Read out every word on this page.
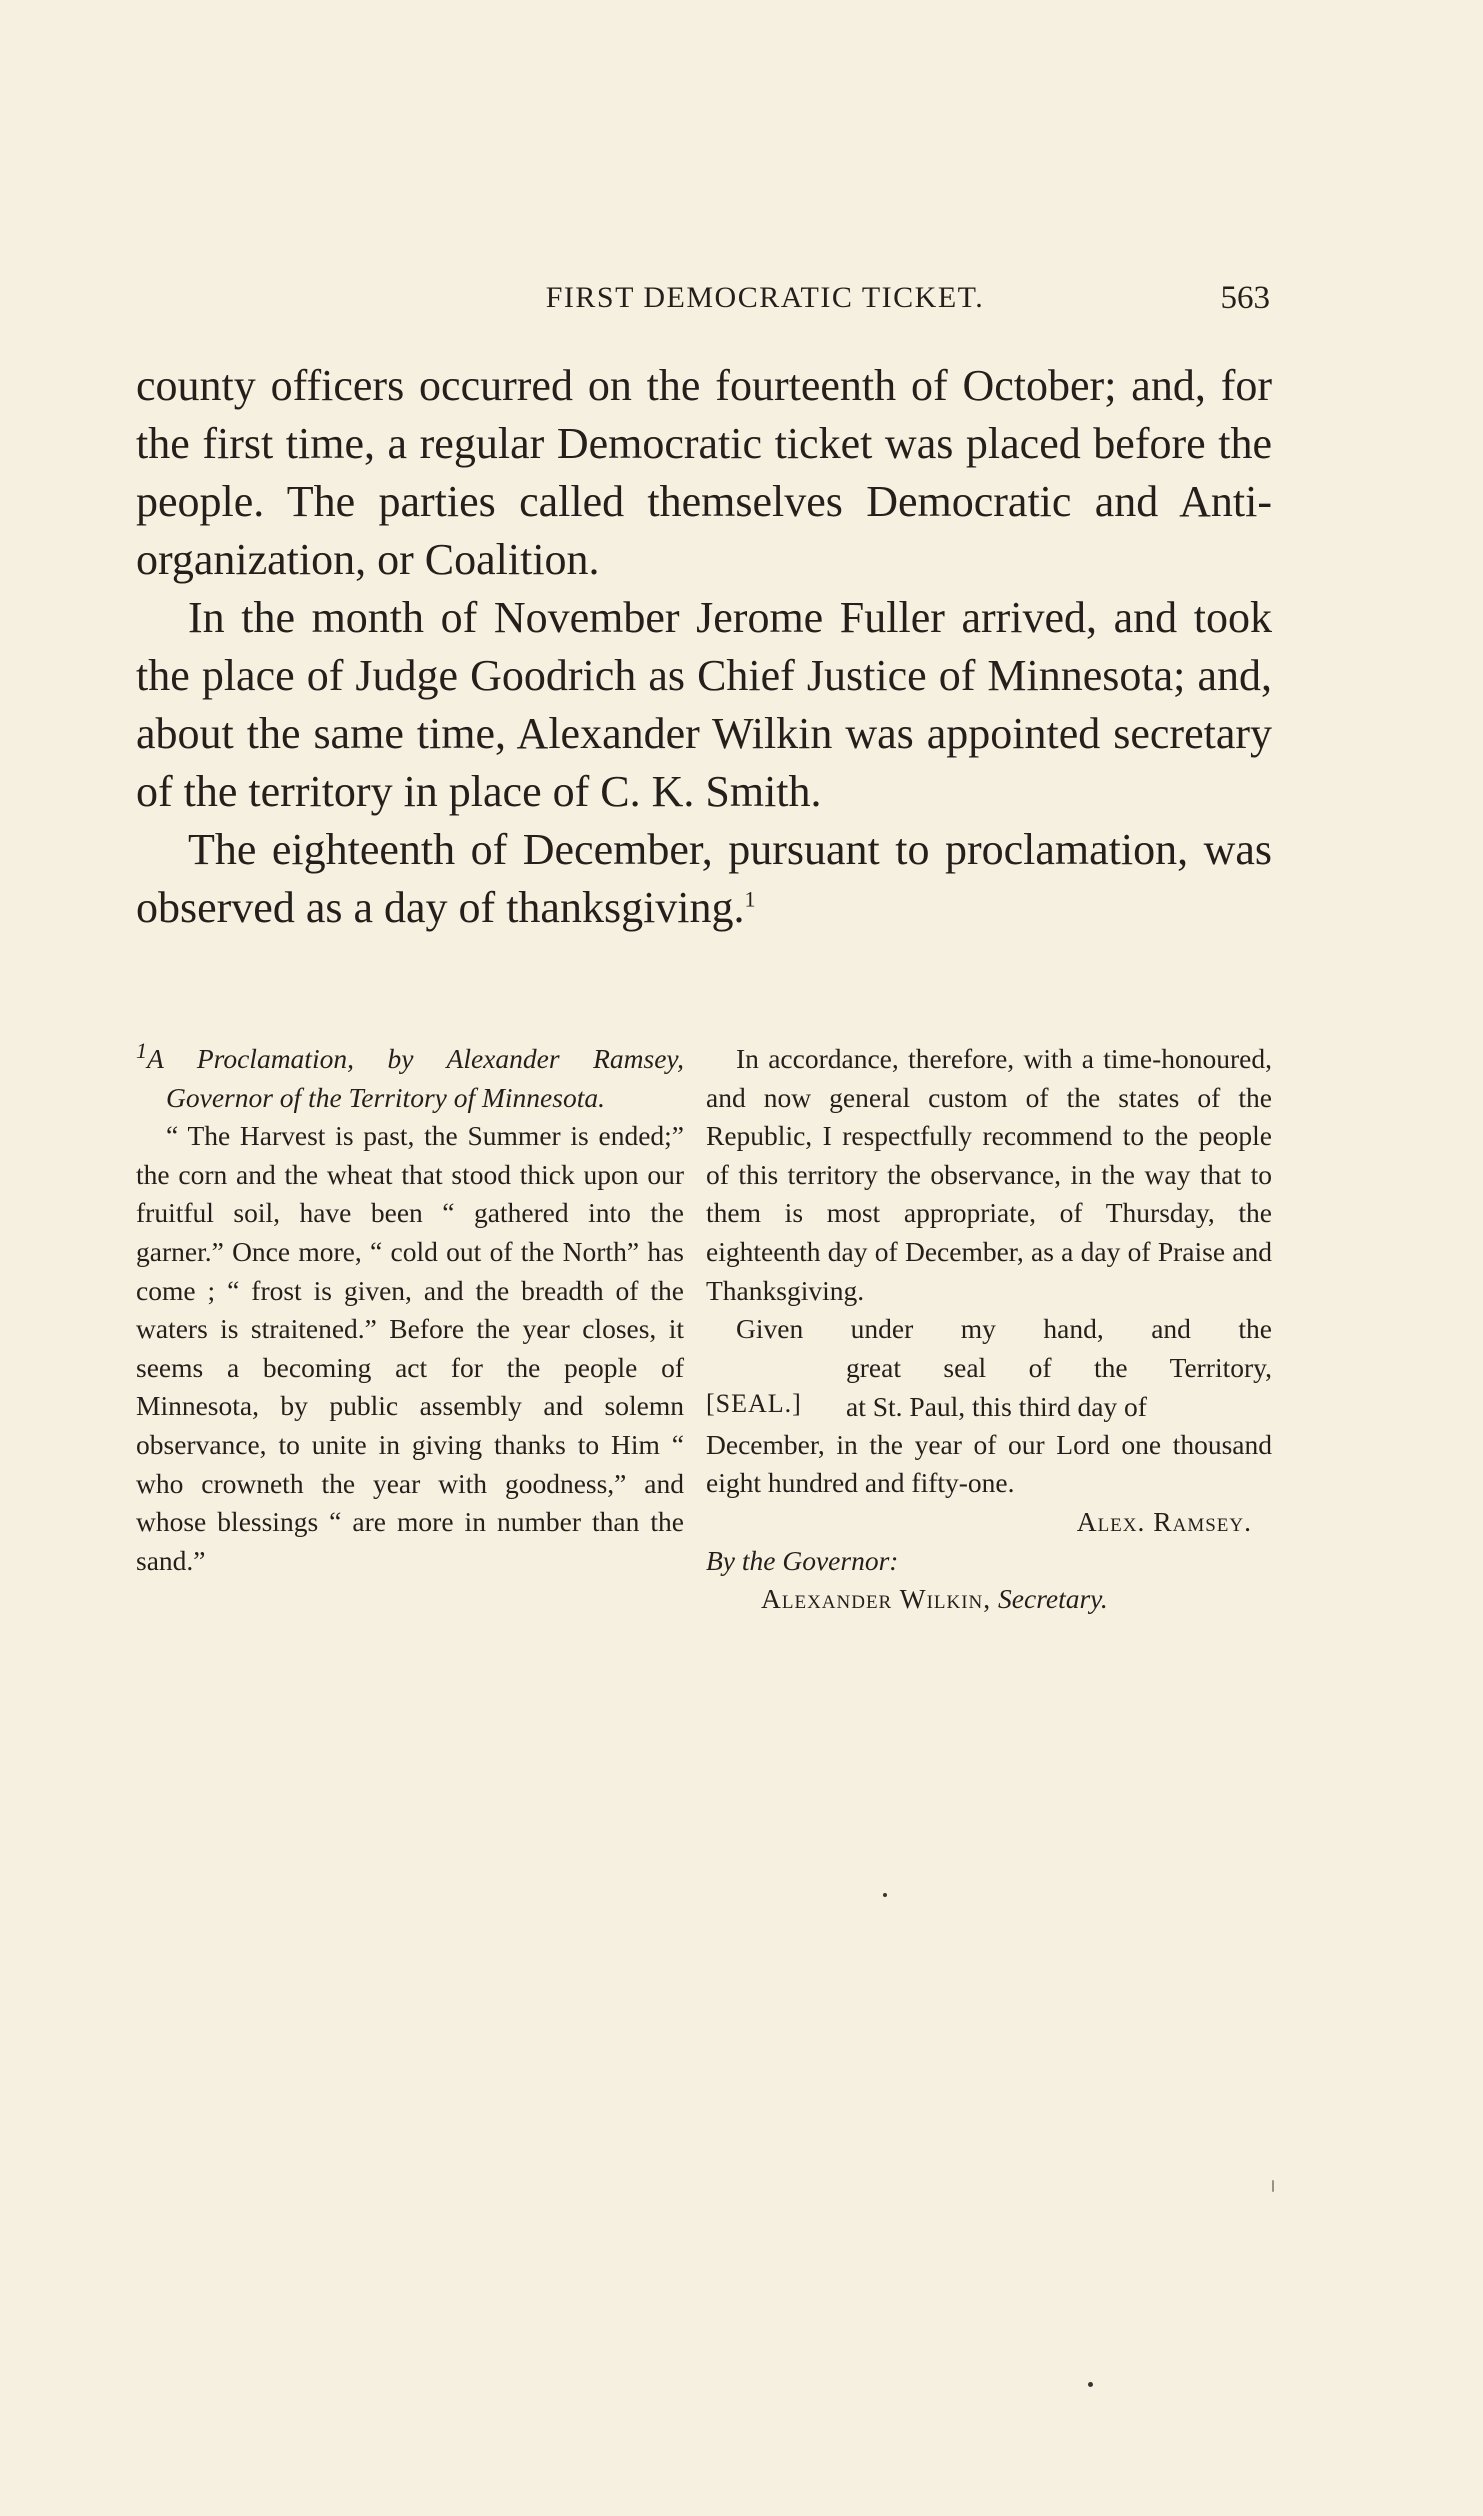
FIRST DEMOCRATIC TICKET.	563

county officers occurred on the fourteenth of October; and, for the first time, a regular Democratic ticket was placed before the people. The parties called themselves Democratic and Anti-organization, or Coalition.

In the month of November Jerome Fuller arrived, and took the place of Judge Goodrich as Chief Justice of Minnesota; and, about the same time, Alexander Wilkin was appointed secretary of the territory in place of C. K. Smith.

The eighteenth of December, pursuant to proclamation, was observed as a day of thanksgiving.$^1$

$^1$A Proclamation, by Alexander Ramsey, Governor of the Territory of Minnesota.

“ The Harvest is past, the Summer is ended;” the corn and the wheat that stood thick upon our fruitful soil, have been “ gathered into the garner.” Once more, “ cold out of the North” has come ; “ frost is given, and the breadth of the waters is straitened.” Before the year closes, it seems a becoming act for the people of Minnesota, by public assembly and solemn observance, to unite in giving thanks to Him “ who crowneth the year with goodness,” and whose blessings “ are more in number than the sand.”

In accordance, therefore, with a time-honoured, and now general custom of the states of the Republic, I respectfully recommend to the people of this territory the observance, in the way that to them is most appropriate, of Thursday, the eighteenth day of December, as a day of Praise and Thanksgiving.

Given under my hand, and the

[SEAL.]
great seal of the Territory,
at St. Paul, this third day of

December, in the year of our Lord one thousand eight hundred and fifty-one.

Alex. Ramsey.

By the Governor:

Alexander Wilkin, Secretary.
